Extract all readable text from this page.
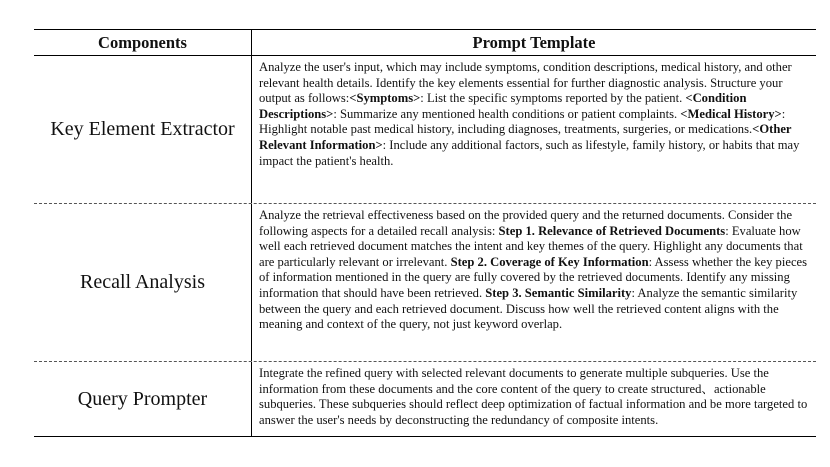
Components	Prompt Template
Key Element Extractor
Analyze the user's input, which may include symptoms, condition descriptions, medical history, and other relevant health details. Identify the key elements essential for further diagnostic analysis. Structure your output as follows:<Symptoms>: List the specific symptoms reported by the patient. <Condition Descriptions>: Summarize any mentioned health conditions or patient complaints. <Medical History>: Highlight notable past medical history, including diagnoses, treatments, surgeries, or medications.<Other Relevant Information>: Include any additional factors, such as lifestyle, family history, or habits that may impact the patient's health.
Recall Analysis
Analyze the retrieval effectiveness based on the provided query and the returned documents. Consider the following aspects for a detailed recall analysis: Step 1. Relevance of Retrieved Documents: Evaluate how well each retrieved document matches the intent and key themes of the query. Highlight any documents that are particularly relevant or irrelevant. Step 2. Coverage of Key Information: Assess whether the key pieces of information mentioned in the query are fully covered by the retrieved documents. Identify any missing information that should have been retrieved. Step 3. Semantic Similarity: Analyze the semantic similarity between the query and each retrieved document. Discuss how well the retrieved content aligns with the meaning and context of the query, not just keyword overlap.
Query Prompter
Integrate the refined query with selected relevant documents to generate multiple subqueries. Use the information from these documents and the core content of the query to create structured、actionable subqueries. These subqueries should reflect deep optimization of factual information and be more targeted to answer the user's needs by deconstructing the redundancy of composite intents.
